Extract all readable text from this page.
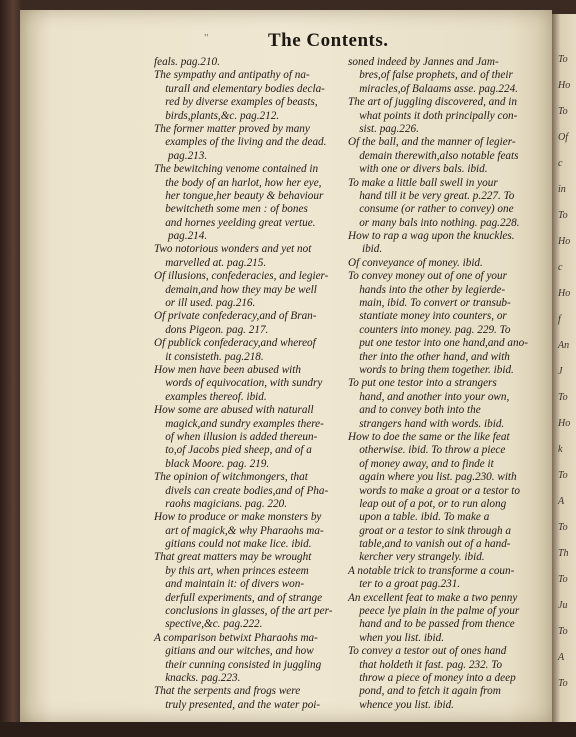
To
Ho
To
Of
c
in
To
Ho
c
Ho
f
An
J
To
Ho
k
To
A
To
Th
To
Ju
To
A
To
"	The Contents.
feals. pag.210.
The sympathy and antipathy of na-
 turall and elementary bodies decla-
 red by diverse examples of beasts,
 birds,plants,&c. pag.212.
The former matter proved by many
 examples of the living and the dead.
  pag.213.
The bewitching venome contained in
 the body of an harlot, how her eye,
 her tongue,her beauty & behaviour
 bewitcheth some men : of bones
 and hornes yeelding great vertue.
  pag.214.
Two notorious wonders and yet not
 marvelled at. pag.215.
Of illusions, confederacies, and legier-
 demain,and how they may be well
 or ill used. pag.216.
Of private confederacy,and of Bran-
 dons Pigeon. pag. 217.
Of publick confederacy,and whereof
 it consisteth. pag.218.
How men have been abused with
 words of equivocation, with sundry
 examples thereof. ibid.
How some are abused with naturall
 magick,and sundry examples there-
 of when illusion is added thereun-
 to,of Jacobs pied sheep, and of a
 black Moore. pag. 219.
The opinion of witchmongers, that
 divels can create bodies,and of Pha-
 raohs magicians. pag. 220.
How to produce or make monsters by
 art of magick,& why Pharaohs ma-
 gitians could not make lice. ibid.
That great matters may be wrought
 by this art, when princes esteem
 and maintain it: of divers won-
 derfull experiments, and of strange
 conclusions in glasses, of the art per-
 spective,&c. pag.222.
A comparison betwixt Pharaohs ma-
 gitians and our witches, and how
 their cunning consisted in juggling
 knacks. pag.223.
That the serpents and frogs were
 truly presented, and the water poi-
soned indeed by Jannes and Jam-
 bres,of false prophets, and of their
 miracles,of Balaams asse. pag.224.
The art of juggling discovered, and in
 what points it doth principally con-
 sist. pag.226.
Of the ball, and the manner of legier-
 demain therewith,also notable feats
 with one or divers bals. ibid.
To make a little ball swell in your
 hand till it be very great. p.227. To
 consume (or rather to convey) one
 or many bals into nothing. pag.228.
How to rap a wag upon the knuckles.
  ibid.
Of conveyance of money. ibid.
To convey money out of one of your
 hands into the other by legierde-
 main, ibid. To convert or transub-
 stantiate money into counters, or
 counters into money. pag. 229. To
 put one testor into one hand,and ano-
 ther into the other hand, and with
 words to bring them together. ibid.
To put one testor into a strangers
 hand, and another into your own,
 and to convey both into the
 strangers hand with words. ibid.
How to doe the same or the like feat
 otherwise. ibid. To throw a piece
 of money away, and to finde it
 again where you list. pag.230. with
 words to make a groat or a testor to
 leap out of a pot, or to run along
 upon a table. ibid. To make a
 groat or a testor to sink through a
 table,and to vanish out of a hand-
 kercher very strangely. ibid.
A notable trick to transforme a coun-
 ter to a groat pag.231.
An excellent feat to make a two penny
 peece lye plain in the palme of your
 hand and to be passed from thence
 when you list. ibid.
To convey a testor out of ones hand
 that holdeth it fast. pag. 232. To
 throw a piece of money into a deep
 pond, and to fetch it again from
 whence you list. ibid.
